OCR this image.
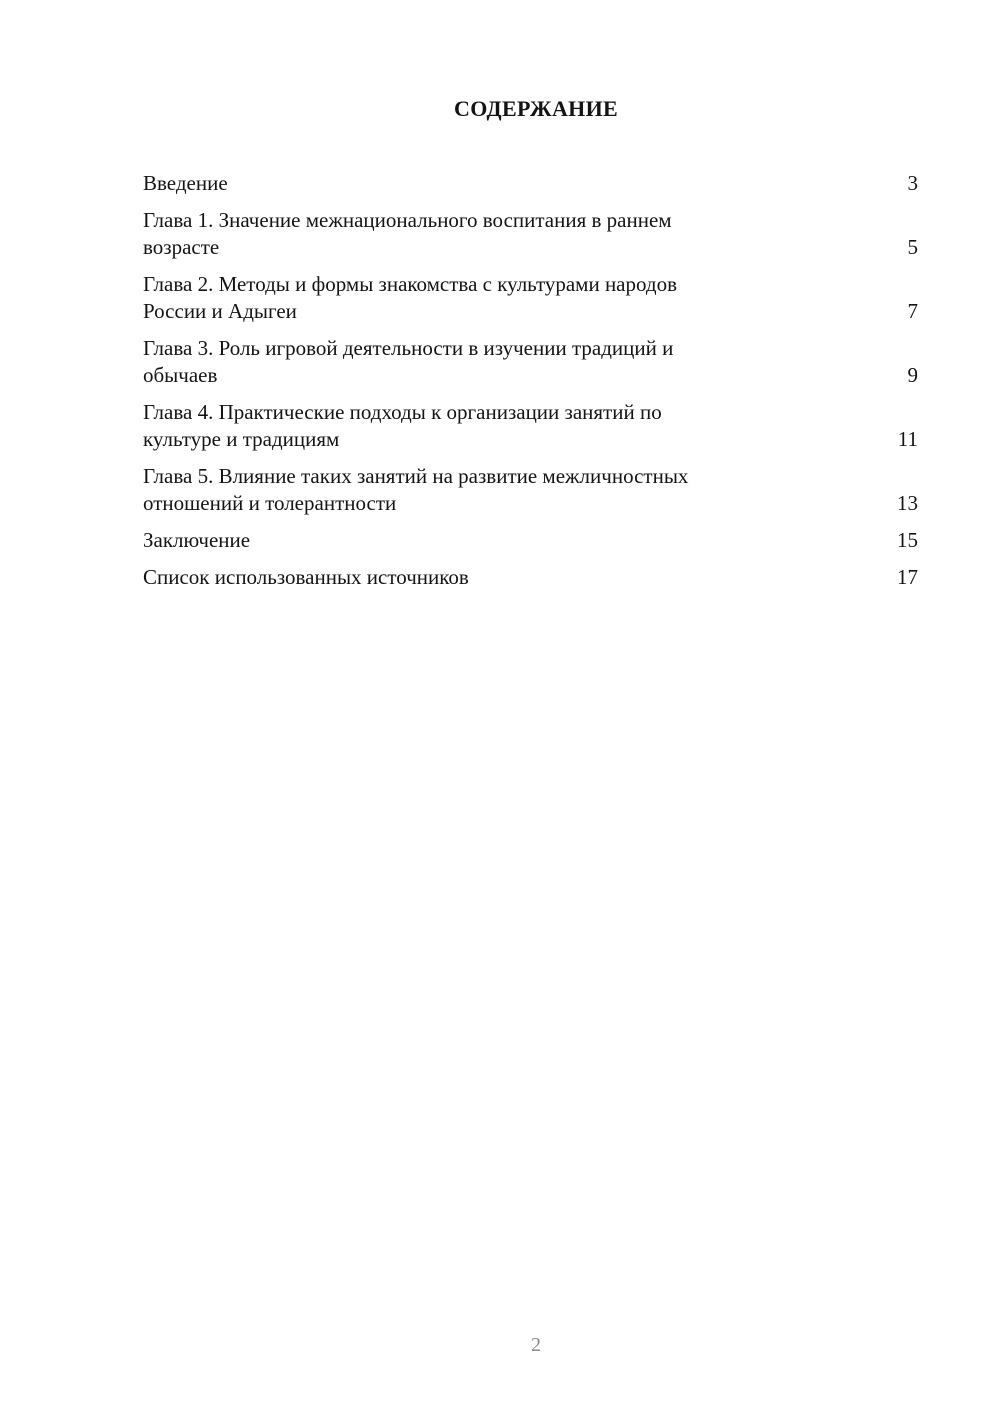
СОДЕРЖАНИЕ
Введение	3
Глава 1. Значение межнационального воспитания в раннем
возрасте	5
Глава 2. Методы и формы знакомства с культурами народов
России и Адыгеи	7
Глава 3. Роль игровой деятельности в изучении традиций и
обычаев	9
Глава 4. Практические подходы к организации занятий по
культуре и традициям	11
Глава 5. Влияние таких занятий на развитие межличностных
отношений и толерантности	13
Заключение	15
Список использованных источников	17
2
